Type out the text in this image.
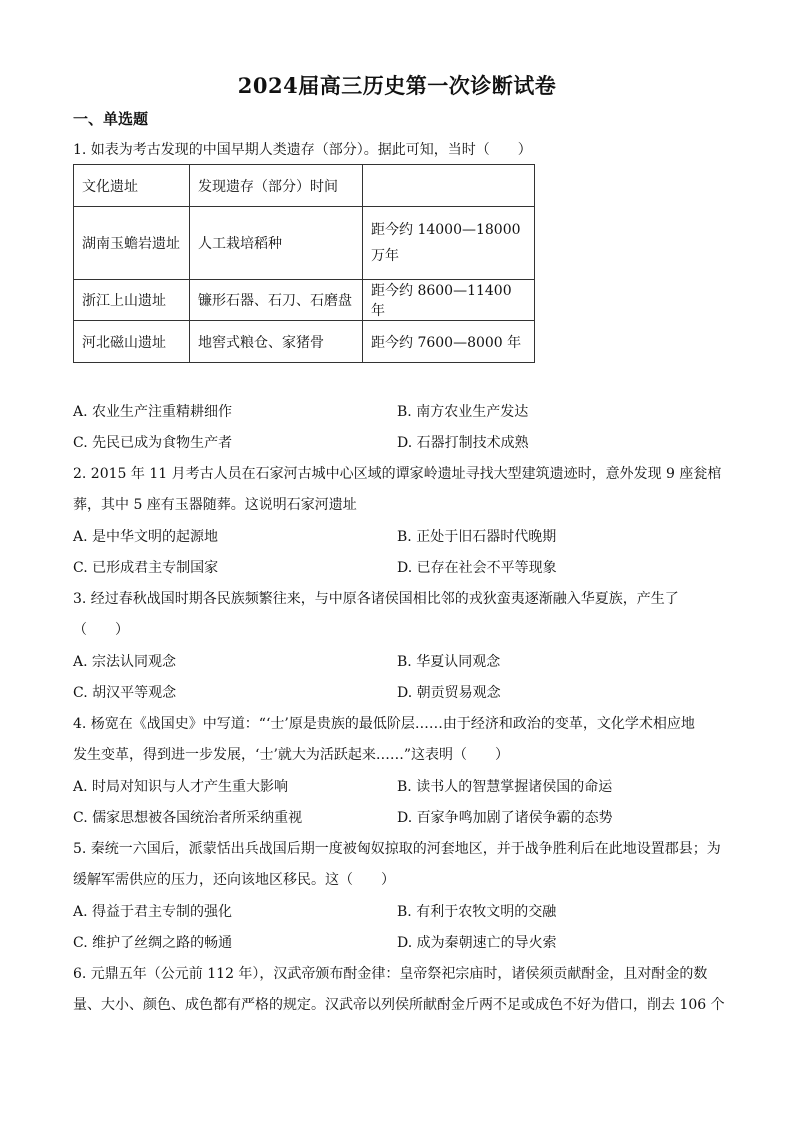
2024届高三历史第一次诊断试卷
一、单选题
1. 如表为考古发现的中国早期人类遗存（部分）。据此可知，当时（　　）
文化遗址	发现遗存（部分）时间	
湖南玉蟾岩遗址	人工栽培稻种	距今约 14000—18000 万年
浙江上山遗址	镰形石器、石刀、石磨盘	距今约 8600—11400 年
河北磁山遗址	地窖式粮仓、家猪骨	距今约 7600—8000 年
A. 农业生产注重精耕细作	B. 南方农业生产发达
C. 先民已成为食物生产者	D. 石器打制技术成熟
2. 2015 年 11 月考古人员在石家河古城中心区域的谭家岭遗址寻找大型建筑遗迹时，意外发现 9 座瓮棺
葬，其中 5 座有玉器随葬。这说明石家河遗址
A. 是中华文明的起源地	B. 正处于旧石器时代晚期
C. 已形成君主专制国家	D. 已存在社会不平等现象
3. 经过春秋战国时期各民族频繁往来，与中原各诸侯国相比邻的戎狄蛮夷逐渐融入华夏族，产生了
（　　）
A. 宗法认同观念	B. 华夏认同观念
C. 胡汉平等观念	D. 朝贡贸易观念
4. 杨宽在《战国史》中写道：“‘士’原是贵族的最低阶层……由于经济和政治的变革，文化学术相应地
发生变革，得到进一步发展，‘士’就大为活跃起来……”这表明（　　）
A. 时局对知识与人才产生重大影响	B. 读书人的智慧掌握诸侯国的命运
C. 儒家思想被各国统治者所采纳重视	D. 百家争鸣加剧了诸侯争霸的态势
5. 秦统一六国后，派蒙恬出兵战国后期一度被匈奴掠取的河套地区，并于战争胜利后在此地设置郡县；为
缓解军需供应的压力，还向该地区移民。这（　　）
A. 得益于君主专制的强化	B. 有利于农牧文明的交融
C. 维护了丝绸之路的畅通	D. 成为秦朝速亡的导火索
6. 元鼎五年（公元前 112 年），汉武帝颁布酎金律：皇帝祭祀宗庙时，诸侯须贡献酎金，且对酎金的数
量、大小、颜色、成色都有严格的规定。汉武帝以列侯所献酎金斤两不足或成色不好为借口，削去 106 个
